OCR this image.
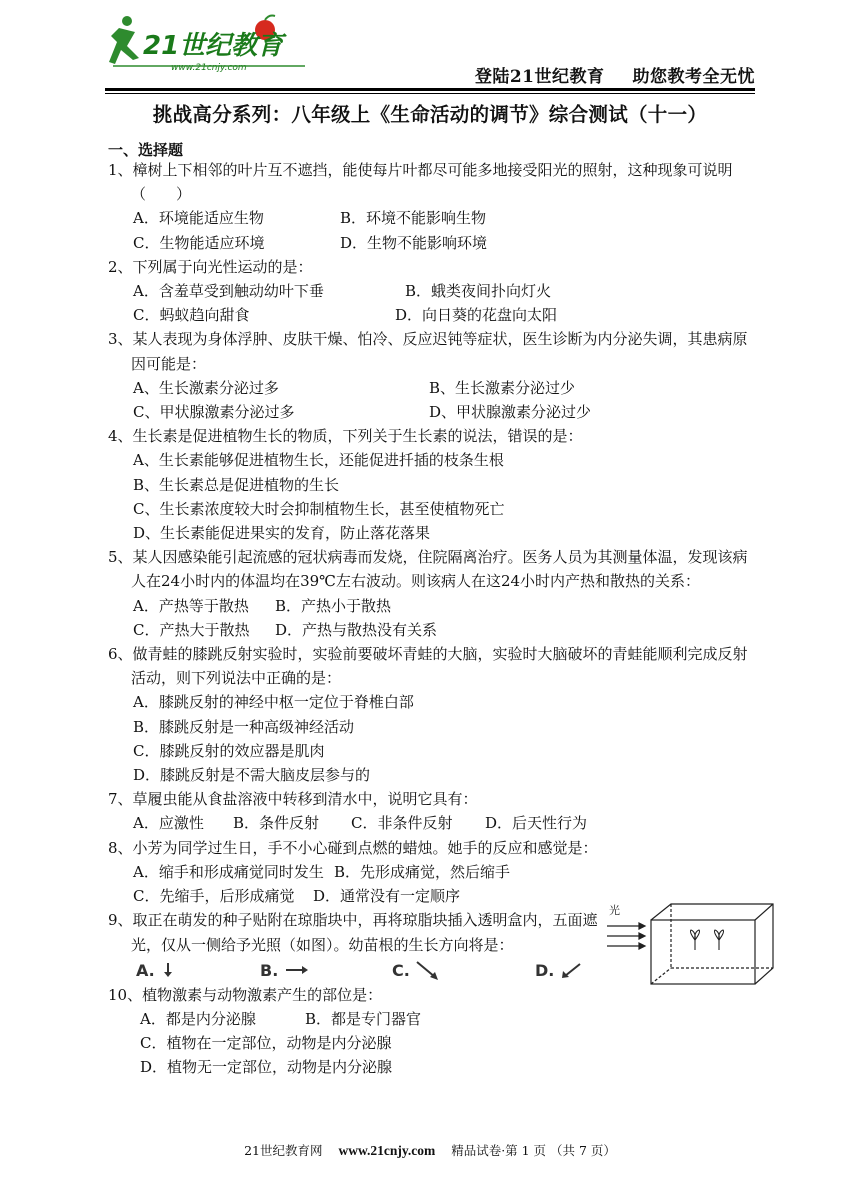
21世纪教育
www.21cnjy.com	登陆21世纪教育 助您教考全无忧
挑战高分系列：八年级上《生命活动的调节》综合测试（十一）
一、选择题
1、樟树上下相邻的叶片互不遮挡，能使每片叶都尽可能多地接受阳光的照射，这种现象可说明（　　）
A．环境能适应生物	B．环境不能影响生物
C．生物能适应环境	D．生物不能影响环境
2、下列属于向光性运动的是：
A．含羞草受到触动幼叶下垂	B．蛾类夜间扑向灯火
C．蚂蚁趋向甜食	D．向日葵的花盘向太阳
3、某人表现为身体浮肿、皮肤干燥、怕冷、反应迟钝等症状，医生诊断为内分泌失调，其患病原因可能是：
A、生长激素分泌过多	B、生长激素分泌过少
C、甲状腺激素分泌过多	D、甲状腺激素分泌过少
4、生长素是促进植物生长的物质，下列关于生长素的说法，错误的是：
A、生长素能够促进植物生长，还能促进扦插的枝条生根
B、生长素总是促进植物的生长
C、生长素浓度较大时会抑制植物生长，甚至使植物死亡
D、生长素能促进果实的发育，防止落花落果
5、某人因感染能引起流感的冠状病毒而发烧，住院隔离治疗。医务人员为其测量体温，发现该病人在24小时内的体温均在39℃左右波动。则该病人在这24小时内产热和散热的关系：
A．产热等于散热	B．产热小于散热
C．产热大于散热	D．产热与散热没有关系
6、做青蛙的膝跳反射实验时，实验前要破坏青蛙的大脑，实验时大脑破坏的青蛙能顺利完成反射活动，则下列说法中正确的是：
A．膝跳反射的神经中枢一定位于脊椎白部
B．膝跳反射是一种高级神经活动
C．膝跳反射的效应器是肌肉
D．膝跳反射是不需大脑皮层参与的
7、草履虫能从食盐溶液中转移到清水中，说明它具有：
A．应激性	B．条件反射	C．非条件反射	D．后天性行为
8、小芳为同学过生日，手不小心碰到点燃的蜡烛。她手的反应和感觉是：
A．缩手和形成痛觉同时发生 B．先形成痛觉，然后缩手
C．先缩手，后形成痛觉	D．通常没有一定顺序
9、取正在萌发的种子贴附在琼脂块中，再将琼脂块插入透明盒内，五面遮光，仅从一侧给予光照（如图）。幼苗根的生长方向将是：
A.	B.	C.	D.
10、植物激素与动物激素产生的部位是：
A．都是内分泌腺	B．都是专门器官
C．植物在一定部位，动物是内分泌腺
D．植物无一定部位，动物是内分泌腺
光
21世纪教育网 www.21cnjy.com 精品试卷·第 1 页 （共 7 页）
